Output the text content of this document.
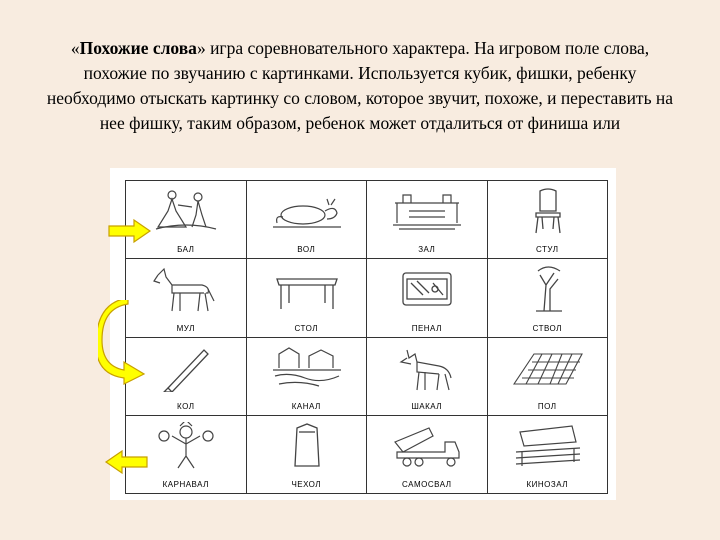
«Похожие слова» игра соревновательного характера. На игровом поле слова, похожие по звучанию с картинками. Используется кубик, фишки, ребенку необходимо отыскать картинку со словом, которое звучит, похоже, и переставить на нее фишку, таким образом, ребенок может отдалиться от финиша или
БАЛ	ВОЛ	ЗАЛ	СТУЛ
МУЛ	СТОЛ	ПЕНАЛ	СТВОЛ
КОЛ	КАНАЛ	ШАКАЛ	ПОЛ
КАРНАВАЛ	ЧЕХОЛ	САМОСВАЛ	КИНОЗАЛ
